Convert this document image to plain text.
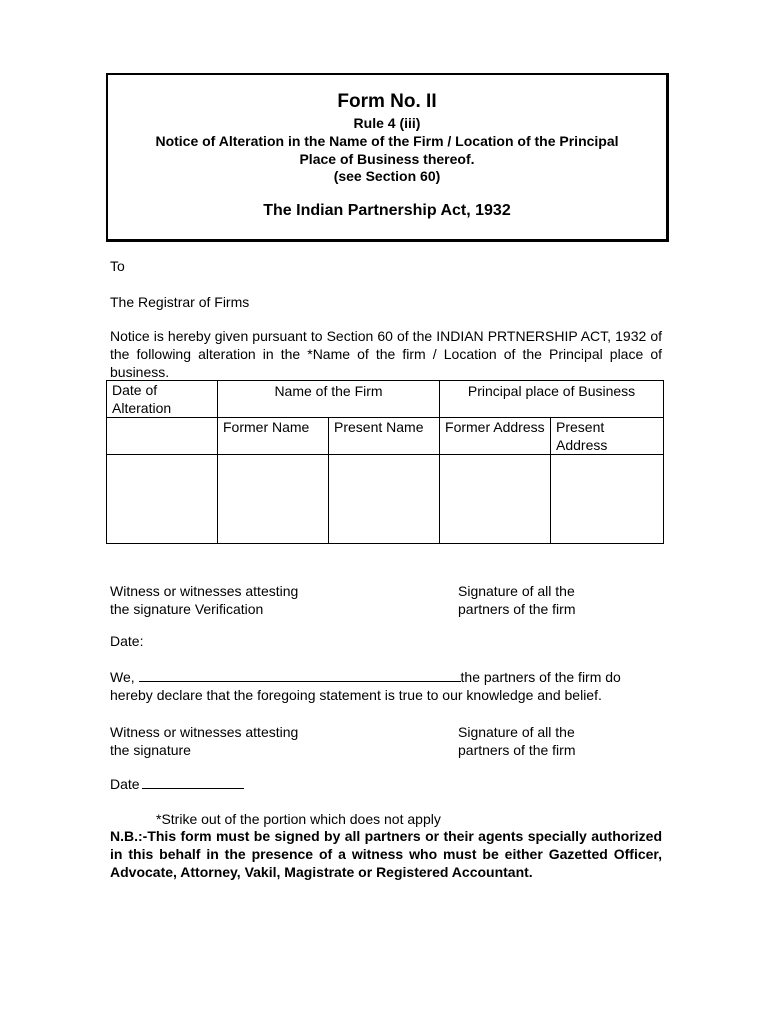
Form No. II
Rule 4 (iii)
Notice of Alteration in the Name of the Firm / Location of the Principal
Place of Business thereof.
(see Section 60)
The Indian Partnership Act, 1932
To
The Registrar of Firms
Notice is hereby given pursuant to Section 60 of the INDIAN PRTNERSHIP ACT, 1932 of the following alteration in the *Name of the firm / Location of the Principal place of business.
Date of Alteration	Name of the Firm		Principal place of Business	
	Former Name	Present Name	Former Address	Present Address

Witness or witnesses attesting
the signature Verification
Signature of all the
partners of the firm
Date:
We,	the partners of the firm do
hereby declare that the foregoing statement is true to our knowledge and belief.
Witness or witnesses attesting
the signature
Signature of all the
partners of the firm
Date
*Strike out of the portion which does not apply
N.B.:-This form must be signed by all partners or their agents specially authorized in this behalf in the presence of a witness who must be either Gazetted Officer, Advocate, Attorney, Vakil, Magistrate or Registered Accountant.
